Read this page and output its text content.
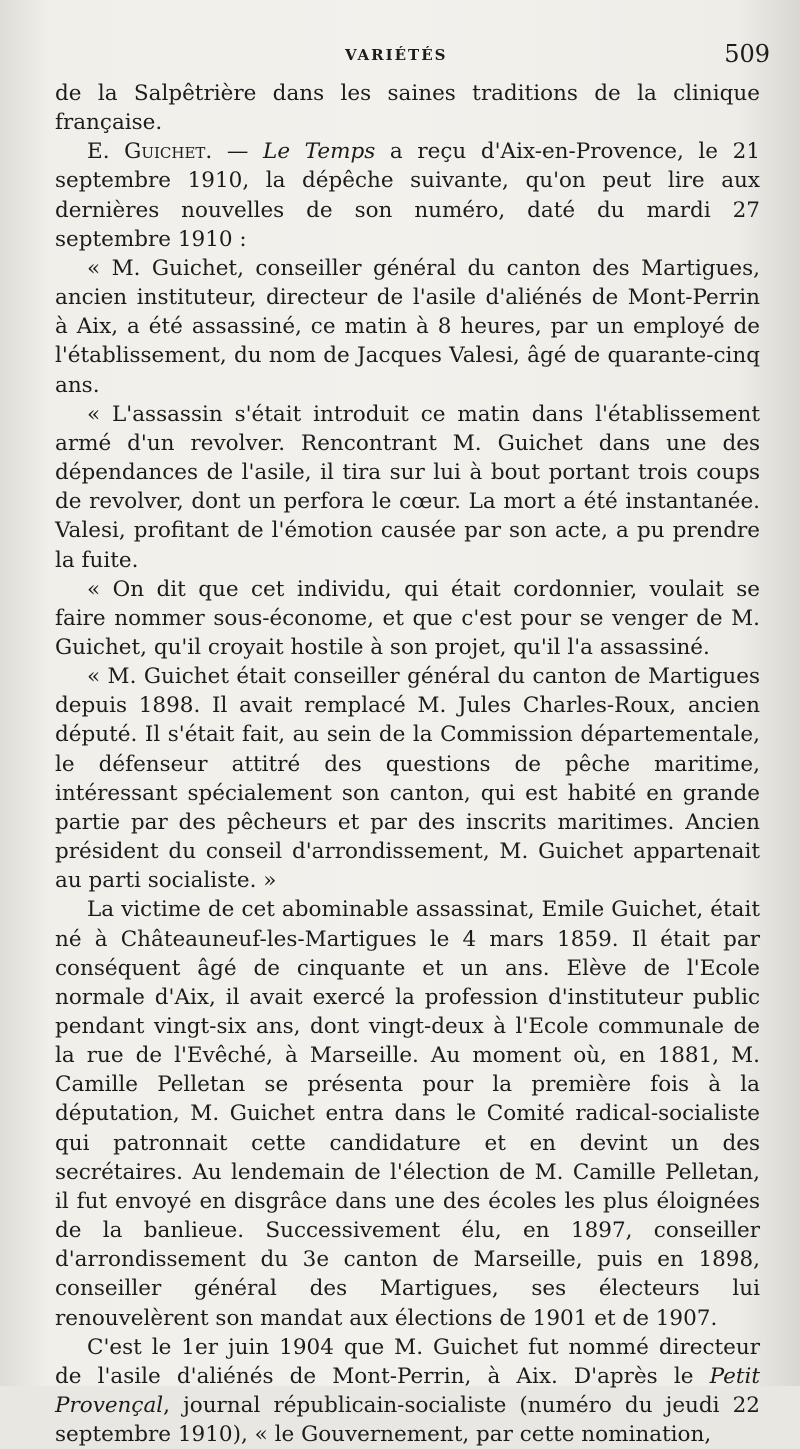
VARIÉTÉS	509

de la Salpêtrière dans les saines traditions de la clinique française.

E. Guichet. — Le Temps a reçu d'Aix-en-Provence, le 21 septembre 1910, la dépêche suivante, qu'on peut lire aux dernières nouvelles de son numéro, daté du mardi 27 septembre 1910 :

« M. Guichet, conseiller général du canton des Martigues, ancien instituteur, directeur de l'asile d'aliénés de Mont-Perrin à Aix, a été assassiné, ce matin à 8 heures, par un employé de l'établissement, du nom de Jacques Valesi, âgé de quarante-cinq ans.

« L'assassin s'était introduit ce matin dans l'établissement armé d'un revolver. Rencontrant M. Guichet dans une des dépendances de l'asile, il tira sur lui à bout portant trois coups de revolver, dont un perfora le cœur. La mort a été instantanée. Valesi, profitant de l'émotion causée par son acte, a pu prendre la fuite.

« On dit que cet individu, qui était cordonnier, voulait se faire nommer sous-économe, et que c'est pour se venger de M. Guichet, qu'il croyait hostile à son projet, qu'il l'a assassiné.

« M. Guichet était conseiller général du canton de Martigues depuis 1898. Il avait remplacé M. Jules Charles-Roux, ancien député. Il s'était fait, au sein de la Commission départementale, le défenseur attitré des questions de pêche maritime, intéressant spécialement son canton, qui est habité en grande partie par des pêcheurs et par des inscrits maritimes. Ancien président du conseil d'arrondissement, M. Guichet appartenait au parti socialiste. »

La victime de cet abominable assassinat, Emile Guichet, était né à Châteauneuf-les-Martigues le 4 mars 1859. Il était par conséquent âgé de cinquante et un ans. Elève de l'Ecole normale d'Aix, il avait exercé la profession d'instituteur public pendant vingt-six ans, dont vingt-deux à l'Ecole communale de la rue de l'Evêché, à Marseille. Au moment où, en 1881, M. Camille Pelletan se présenta pour la première fois à la députation, M. Guichet entra dans le Comité radical-socialiste qui patronnait cette candidature et en devint un des secrétaires. Au lendemain de l'élection de M. Camille Pelletan, il fut envoyé en disgrâce dans une des écoles les plus éloignées de la banlieue. Successivement élu, en 1897, conseiller d'arrondissement du 3e canton de Marseille, puis en 1898, conseiller général des Martigues, ses électeurs lui renouvelèrent son mandat aux élections de 1901 et de 1907.

C'est le 1er juin 1904 que M. Guichet fut nommé directeur de l'asile d'aliénés de Mont-Perrin, à Aix. D'après le Petit Provençal, journal républicain-socialiste (numéro du jeudi 22 septembre 1910), « le Gouvernement, par cette nomination,
